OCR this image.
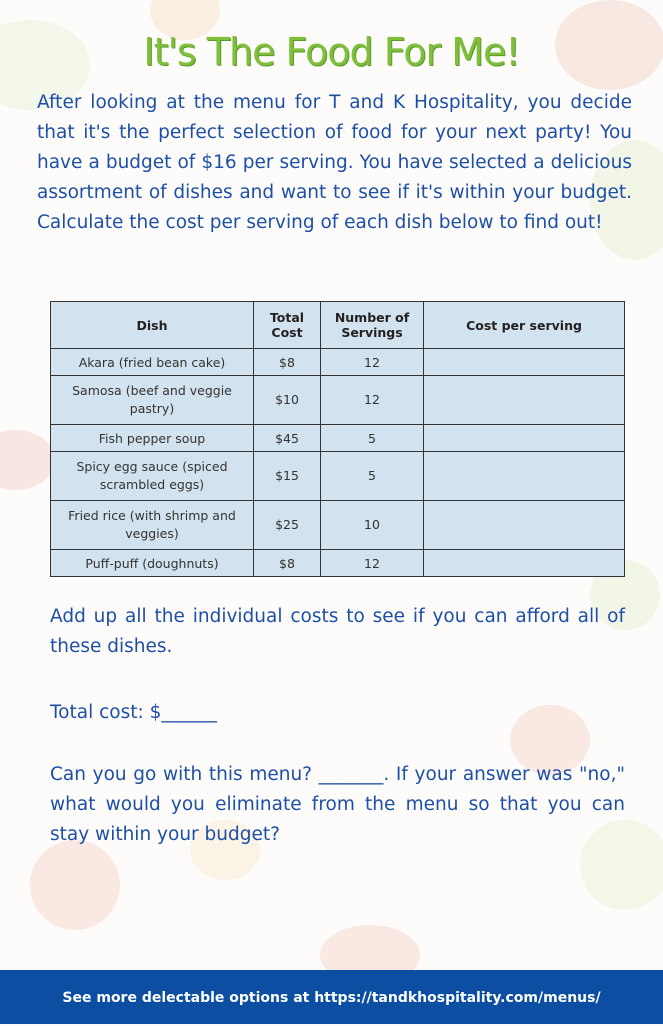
It's The Food For Me!
After looking at the menu for T and K Hospitality, you decide that it's the perfect selection of food for your next party! You have a budget of $16 per serving. You have selected a delicious assortment of dishes and want to see if it's within your budget. Calculate the cost per serving of each dish below to find out!
Dish	Total Cost	Number of Servings	Cost per serving
Akara (fried bean cake)	$8	12	
Samosa (beef and veggie pastry)	$10	12	
Fish pepper soup	$45	5	
Spicy egg sauce (spiced scrambled eggs)	$15	5	
Fried rice (with shrimp and veggies)	$25	10	
Puff-puff (doughnuts)	$8	12	
Add up all the individual costs to see if you can afford all of these dishes.
Total cost: $______
Can you go with this menu? _______. If your answer was "no," what would you eliminate from the menu so that you can stay within your budget?
See more delectable options at https://tandkhospitality.com/menus/
